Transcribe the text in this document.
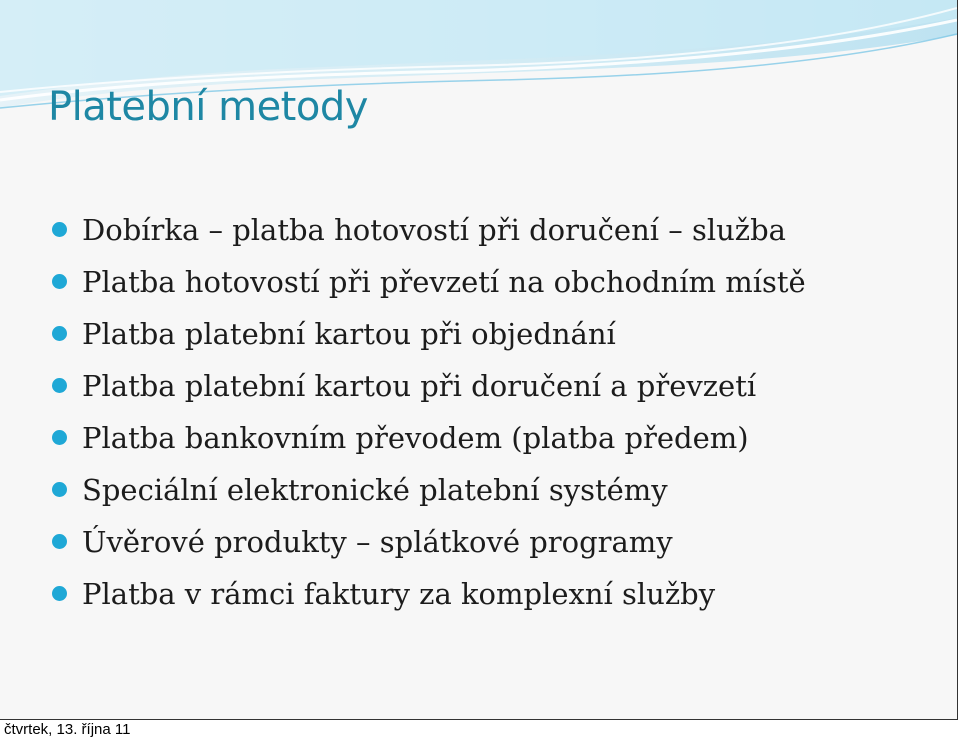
Platební metody
Dobírka – platba hotovostí při doručení – služba
Platba hotovostí při převzetí na obchodním místě
Platba platební kartou při objednání
Platba platební kartou při doručení a převzetí
Platba bankovním převodem (platba předem)
Speciální elektronické platební systémy
Úvěrové produkty – splátkové programy
Platba v rámci faktury za komplexní služby
čtvrtek, 13. října 11
